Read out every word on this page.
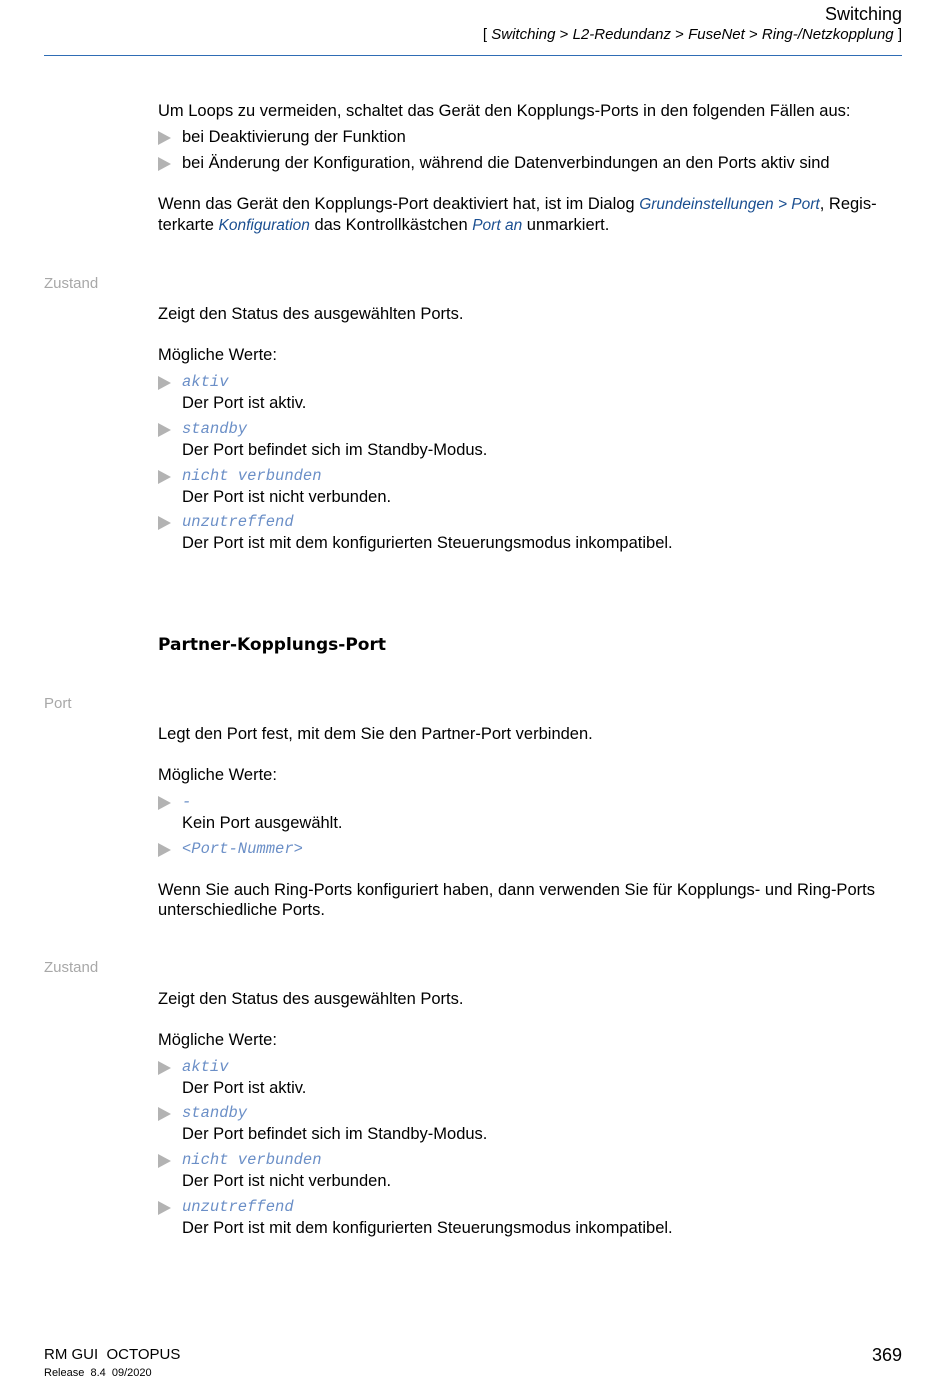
Switching
[ Switching > L2-Redundanz > FuseNet > Ring-/Netzkopplung ]
Um Loops zu vermeiden, schaltet das Gerät den Kopplungs-Ports in den folgenden Fällen aus:
bei Deaktivierung der Funktion
bei Änderung der Konfiguration, während die Datenverbindungen an den Ports aktiv sind
Wenn das Gerät den Kopplungs-Port deaktiviert hat, ist im Dialog Grundeinstellungen > Port, Regis-
terkarte Konfiguration das Kontrollkästchen Port an unmarkiert.
Zustand
Zeigt den Status des ausgewählten Ports.
Mögliche Werte:
aktiv
Der Port ist aktiv.
standby
Der Port befindet sich im Standby-Modus.
nicht verbunden
Der Port ist nicht verbunden.
unzutreffend
Der Port ist mit dem konfigurierten Steuerungsmodus inkompatibel.
Partner-Kopplungs-Port
Port
Legt den Port fest, mit dem Sie den Partner-Port verbinden.
Mögliche Werte:
-
Kein Port ausgewählt.
<Port-Nummer>
Wenn Sie auch Ring-Ports konfiguriert haben, dann verwenden Sie für Kopplungs- und Ring-Ports
unterschiedliche Ports.
Zustand
Zeigt den Status des ausgewählten Ports.
Mögliche Werte:
aktiv
Der Port ist aktiv.
standby
Der Port befindet sich im Standby-Modus.
nicht verbunden
Der Port ist nicht verbunden.
unzutreffend
Der Port ist mit dem konfigurierten Steuerungsmodus inkompatibel.
RM GUI  OCTOPUS
Release  8.4  09/2020
369
